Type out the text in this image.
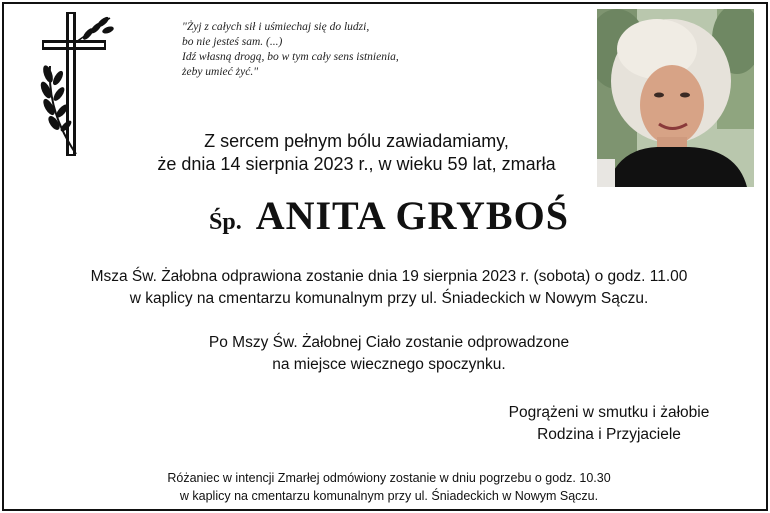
"Żyj z całych sił i uśmiechaj się do ludzi,
bo nie jesteś sam. (...)
Idź własną drogą, bo w tym cały sens istnienia,
żeby umieć żyć."
Z sercem pełnym bólu zawiadamiamy,
że dnia 14 sierpnia 2023 r., w wieku 59 lat, zmarła
Śp. ANITA GRYBOŚ
Msza Św. Żałobna odprawiona zostanie dnia 19 sierpnia 2023 r. (sobota) o godz. 11.00
w kaplicy na cmentarzu komunalnym przy ul. Śniadeckich w Nowym Sączu.
Po Mszy Św. Żałobnej Ciało zostanie odprowadzone
na miejsce wiecznego spoczynku.
Pogrążeni w smutku i żałobie
Rodzina i Przyjaciele
Różaniec w intencji Zmarłej odmówiony zostanie w dniu pogrzebu o godz. 10.30
w kaplicy na cmentarzu komunalnym przy ul. Śniadeckich w Nowym Sączu.
